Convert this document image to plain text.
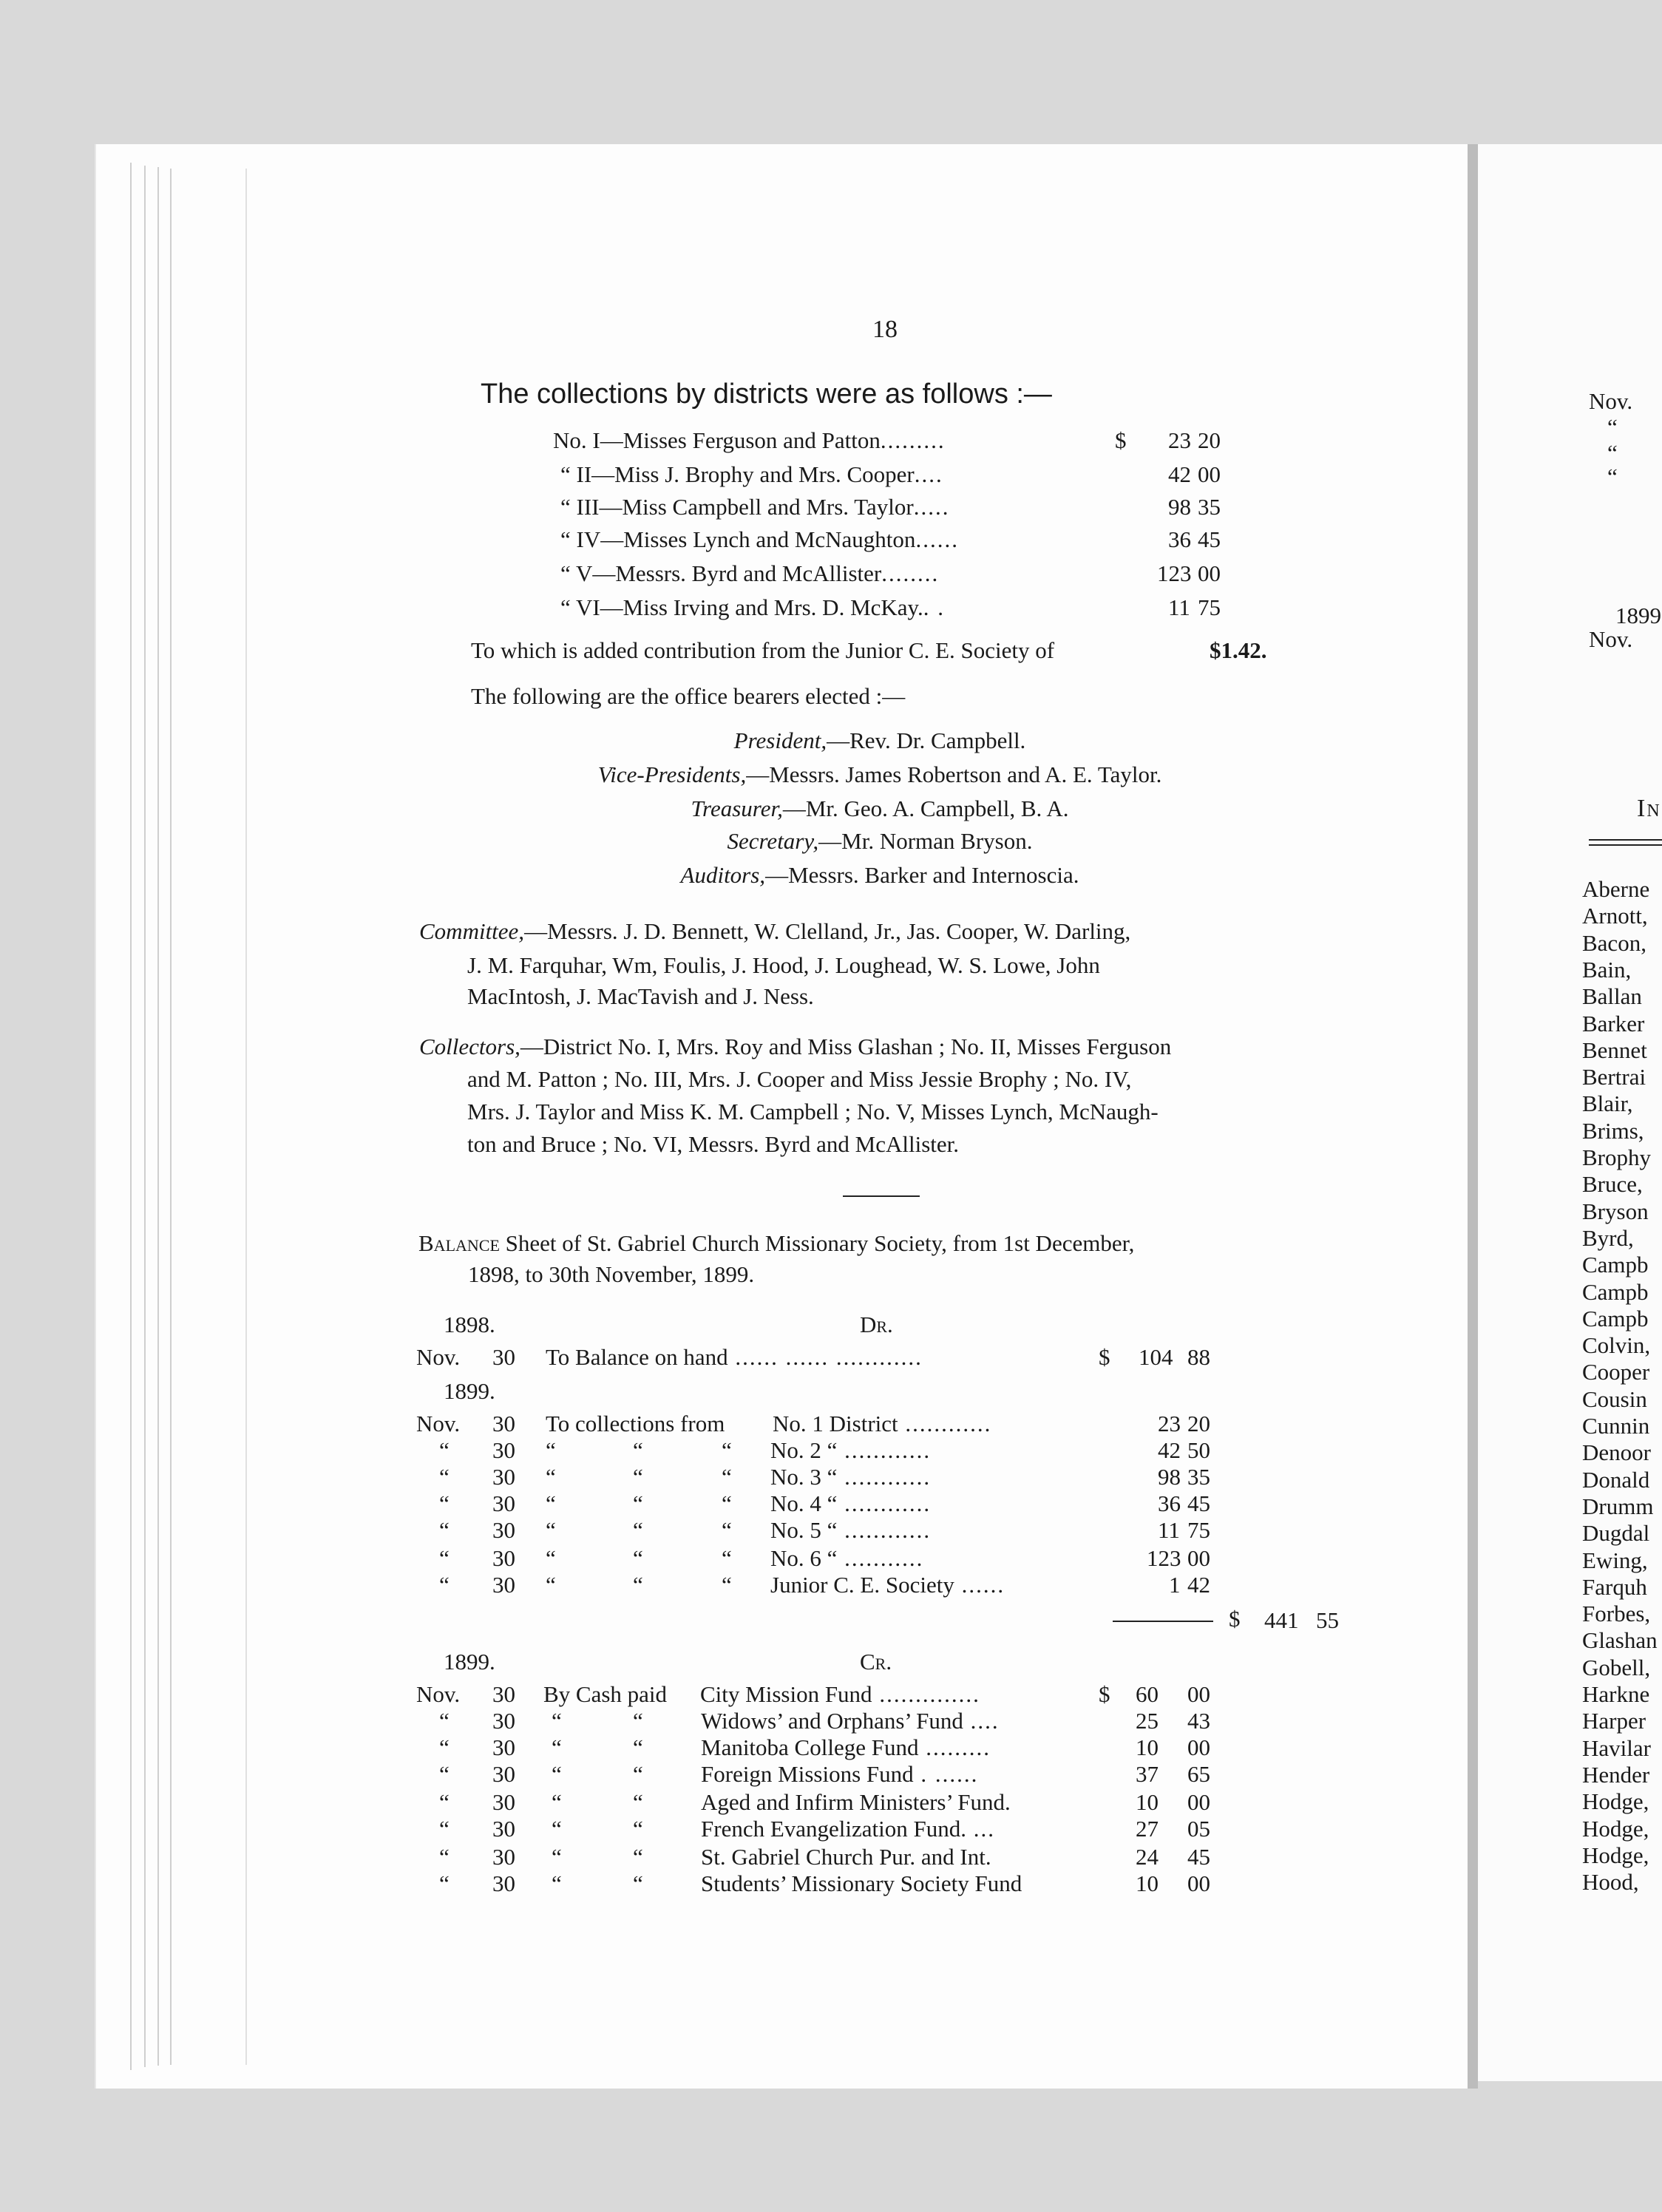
18
The collections by districts were as follows :—
No. I—Misses Ferguson and Patton.........	$ 23 20
“ II—Miss J. Brophy and Mrs. Cooper....	42 00
“ III—Miss Campbell and Mrs. Taylor.....	98 35
“ IV—Misses Lynch and McNaughton......	36 45
“ V—Messrs. Byrd and McAllister........	123 00
“ VI—Miss Irving and Mrs. D. McKay.. .	11 75
To which is added contribution from the Junior C. E. Society of	$1.42.
The following are the office bearers elected :—
President,—Rev. Dr. Campbell.
Vice-Presidents,—Messrs. James Robertson and A. E. Taylor.
Treasurer,—Mr. Geo. A. Campbell, B. A.
Secretary,—Mr. Norman Bryson.
Auditors,—Messrs. Barker and Internoscia.
Committee,—Messrs. J. D. Bennett, W. Clelland, Jr., Jas. Cooper, W. Darling,
J. M. Farquhar, Wm, Foulis, J. Hood, J. Loughead, W. S. Lowe, John
MacIntosh, J. MacTavish and J. Ness.
Collectors,—District No. I, Mrs. Roy and Miss Glashan ; No. II, Misses Ferguson
and M. Patton ; No. III, Mrs. J. Cooper and Miss Jessie Brophy ; No. IV,
Mrs. J. Taylor and Miss K. M. Campbell ; No. V, Misses Lynch, McNaugh-
ton and Bruce ; No. VI, Messrs. Byrd and McAllister.
Balance Sheet of St. Gabriel Church Missionary Society, from 1st December,
1898, to 30th November, 1899.
1898.	Dr.
Nov. 30 To Balance on hand ...... ...... ............	$ 104 88
1899.
Nov. 30 To collections from No. 1 District ............	23 20
“ 30 “	“	“ No. 2 “ ............	42 50
“ 30 “	“	“ No. 3 “ ............	98 35
“ 30 “	“	“ No. 4 “ ............	36 45
“ 30 “	“	“ No. 5 “ ............	11 75
“ 30 “	“	“ No. 6 “ ...........	123 00
“ 30 “	“	“ Junior C. E. Society ......	1 42
$ 441 55
1899.	Cr.
Nov. 30 By Cash paid City Mission Fund ..............	$ 60 00
“ 30 “	“	Widows’ and Orphans’ Fund ....	25 43
“ 30 “	“	Manitoba College Fund .........	10 00
“ 30 “	“	Foreign Missions Fund . ......	37 65
“ 30 “	“	Aged and Infirm Ministers’ Fund.	10 00
“ 30 “	“	French Evangelization Fund. ...	27 05
“ 30 “	“	St. Gabriel Church Pur. and Int.	24 45
“ 30 “	“	Students’ Missionary Society Fund	10 00
Nov.
“
“
“
1899
Nov.
In
Aberne
Arnott,
Bacon,
Bain,
Ballan
Barker
Bennet
Bertrai
Blair,
Brims,
Brophy
Bruce,
Bryson
Byrd,
Campb
Campb
Campb
Colvin,
Cooper
Cousin
Cunnin
Denoor
Donald
Drumm
Dugdal
Ewing,
Farquh
Forbes,
Glashan
Gobell,
Harkne
Harper
Havilar
Hender
Hodge,
Hodge,
Hodge,
Hood,
